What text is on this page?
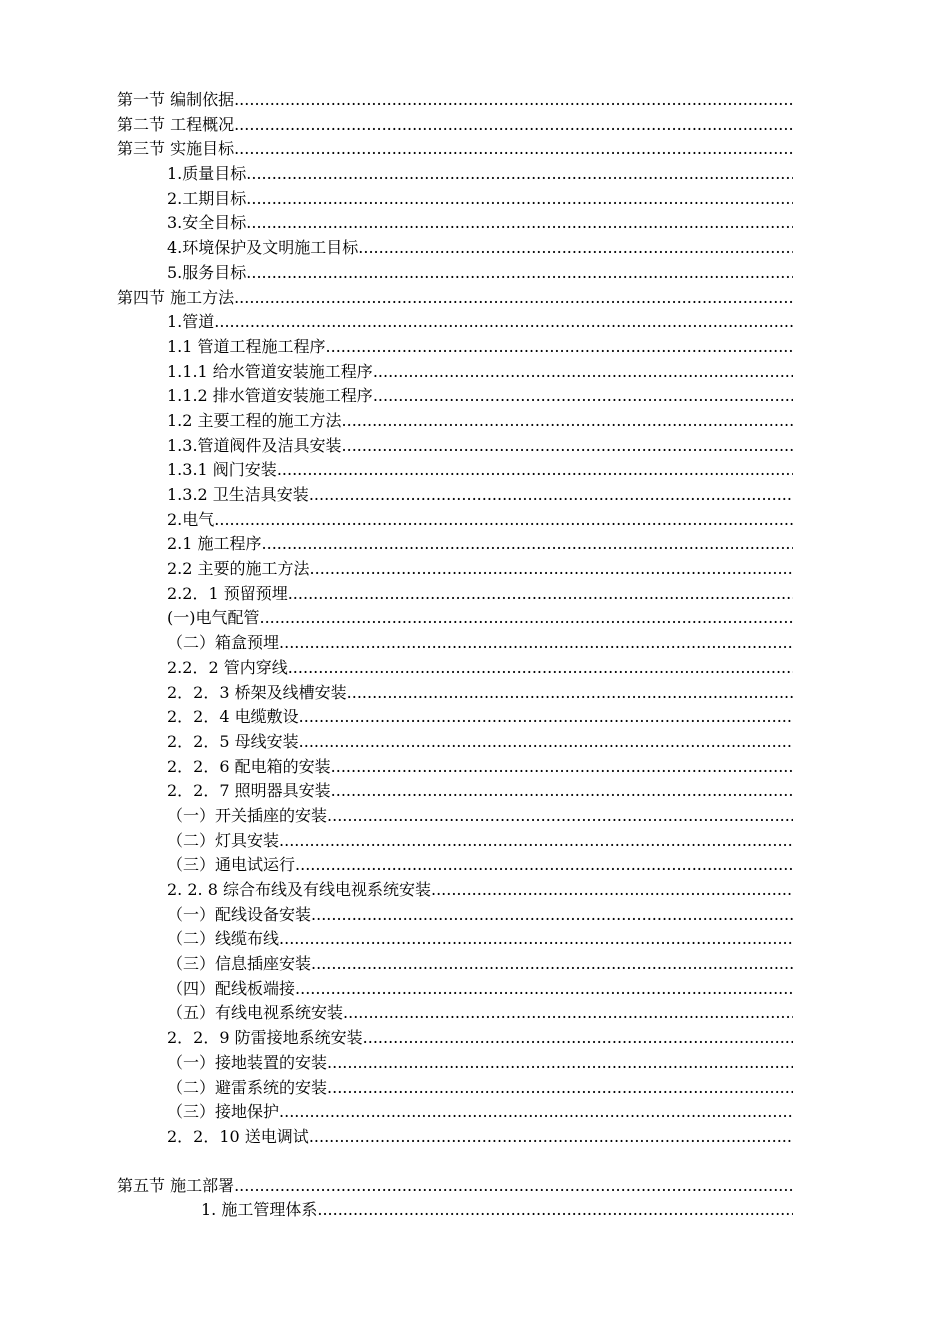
第一节 编制依据
.....
第二节 工程概况
.....
第三节 实施目标
.....
1.质量目标
.....
2.工期目标
.....
3.安全目标
.....
4.环境保护及文明施工目标
.....
5.服务目标
.....
第四节 施工方法
.....
1.管道
.....
1.1 管道工程施工程序
.....
1.1.1 给水管道安装施工程序
.....
1.1.2 排水管道安装施工程序
.....
1.2 主要工程的施工方法
.....
1.3.管道阀件及洁具安装
.....
1.3.1 阀门安装
.....
1.3.2 卫生洁具安装
.....
2.电气
.....
2.1 施工程序
.....
2.2 主要的施工方法
.....
2.2．1 预留预埋
.....
(一)电气配管
.....
（二）箱盒预埋
.....
2.2．2 管内穿线
.....
2．2．3 桥架及线槽安装
.....
2．2．4 电缆敷设
.....
2．2．5 母线安装
.....
2．2．6 配电箱的安装
.....
2．2．7 照明器具安装
.....
（一）开关插座的安装
.....
（二）灯具安装
.....
（三）通电试运行
.....
2. 2. 8 综合布线及有线电视系统安装
.....
（一）配线设备安装
.....
（二）线缆布线
.....
（三）信息插座安装
.....
（四）配线板端接
.....
（五）有线电视系统安装
.....
2．2．9 防雷接地系统安装
.....
（一）接地装置的安装
.....
（二）避雷系统的安装
.....
（三）接地保护
.....
2．2．10 送电调试
.....
第五节 施工部署
.....
1. 施工管理体系
.....
